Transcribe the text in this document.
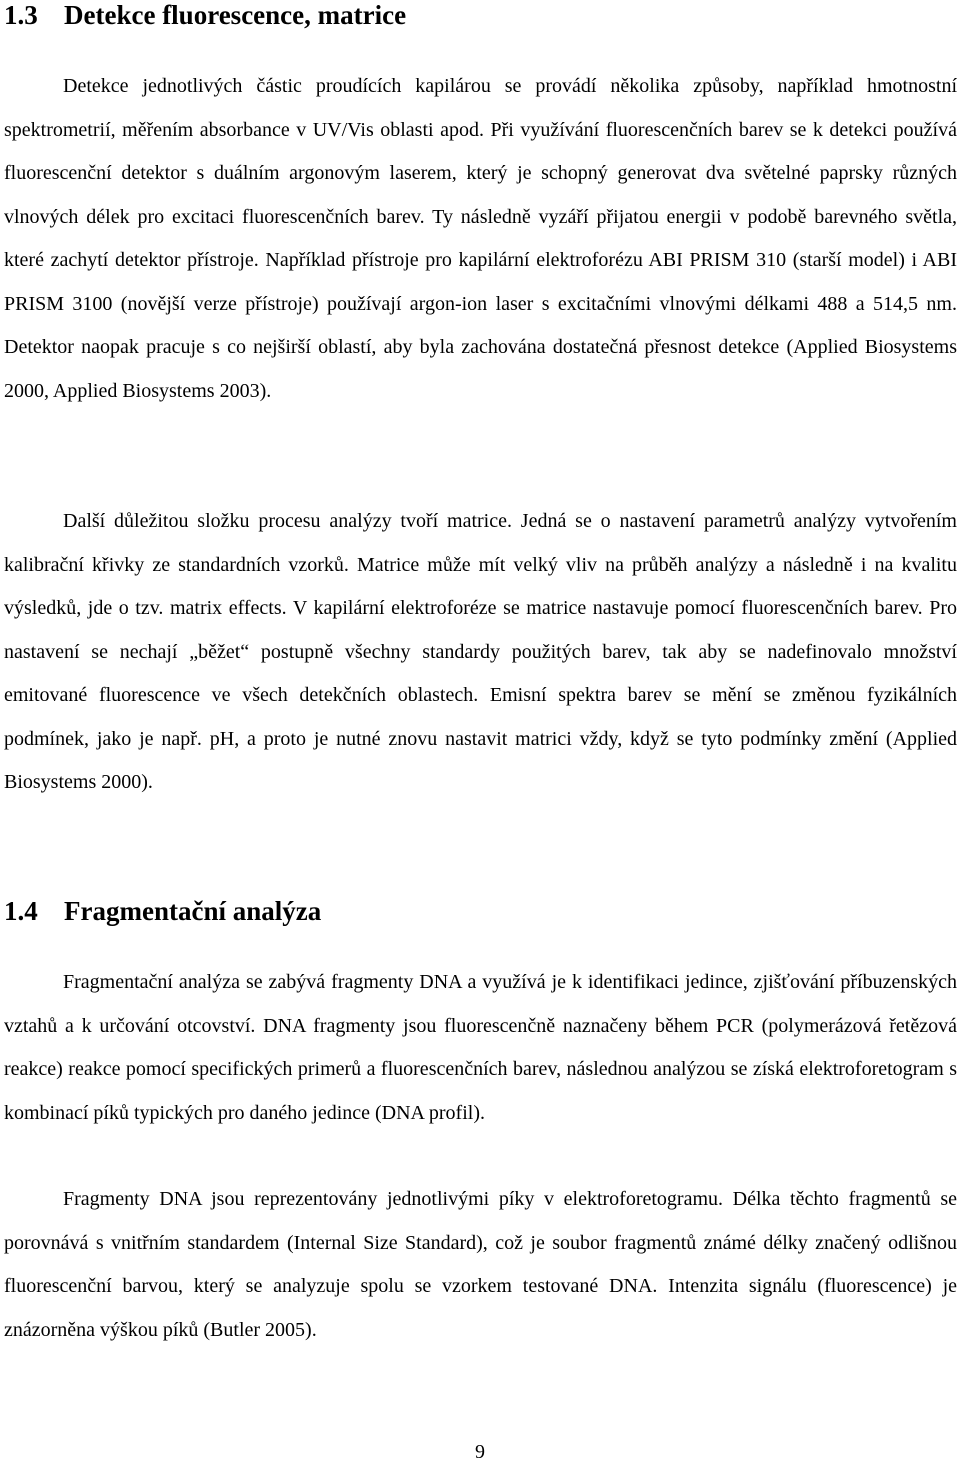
1.3 Detekce fluorescence, matrice

Detekce jednotlivých částic proudících kapilárou se provádí několika způsoby, například hmotnostní spektrometrií, měřením absorbance v UV/Vis oblasti apod. Při využívání fluorescenčních barev se k detekci používá fluorescenční detektor s duálním argonovým laserem, který je schopný generovat dva světelné paprsky různých vlnových délek pro excitaci fluorescenčních barev. Ty následně vyzáří přijatou energii v podobě barevného světla, které zachytí detektor přístroje. Například přístroje pro kapilární elektroforézu ABI PRISM 310 (starší model) i ABI PRISM 3100 (novější verze přístroje) používají argon-ion laser s excitačními vlnovými délkami 488 a 514,5 nm. Detektor naopak pracuje s co nejširší oblastí, aby byla zachována dostatečná přesnost detekce (Applied Biosystems 2000, Applied Biosystems 2003).

Další důležitou složku procesu analýzy tvoří matrice. Jedná se o nastavení parametrů analýzy vytvořením kalibrační křivky ze standardních vzorků. Matrice může mít velký vliv na průběh analýzy a následně i na kvalitu výsledků, jde o tzv. matrix effects. V kapilární elektroforéze se matrice nastavuje pomocí fluorescenčních barev. Pro nastavení se nechají „běžet“ postupně všechny standardy použitých barev, tak aby se nadefinovalo množství emitované fluorescence ve všech detekčních oblastech. Emisní spektra barev se mění se změnou fyzikálních podmínek, jako je např. pH, a proto je nutné znovu nastavit matrici vždy, když se tyto podmínky změní (Applied Biosystems 2000).

1.4 Fragmentační analýza

Fragmentační analýza se zabývá fragmenty DNA a využívá je k identifikaci jedince, zjišťování příbuzenských vztahů a k určování otcovství. DNA fragmenty jsou fluorescenčně naznačeny během PCR (polymerázová řetězová reakce) reakce pomocí specifických primerů a fluorescenčních barev, následnou analýzou se získá elektroforetogram s kombinací píků typických pro daného jedince (DNA profil).

Fragmenty DNA jsou reprezentovány jednotlivými píky v elektroforetogramu. Délka těchto fragmentů se porovnává s vnitřním standardem (Internal Size Standard), což je soubor fragmentů známé délky značený odlišnou fluorescenční barvou, který se analyzuje spolu se vzorkem testované DNA. Intenzita signálu (fluorescence) je znázorněna výškou píků (Butler 2005).

9
